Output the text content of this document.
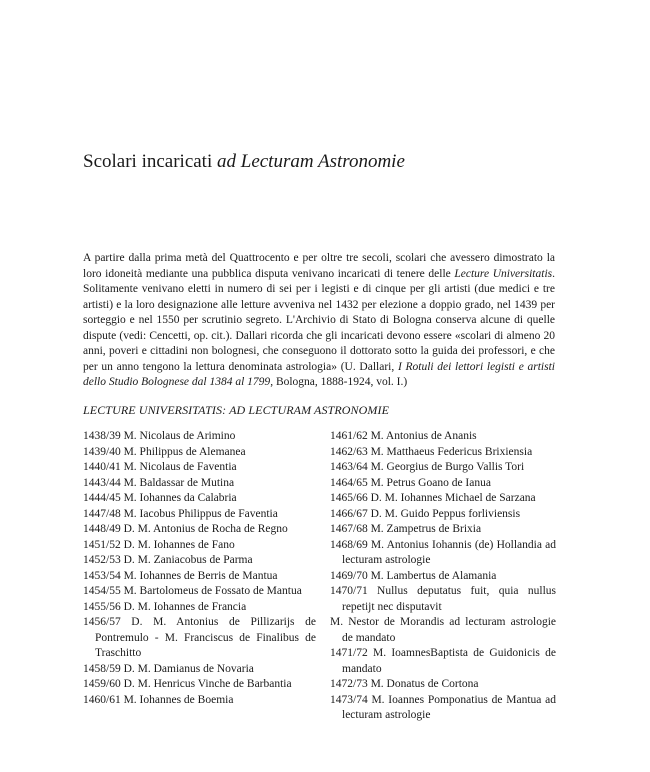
Scolari incaricati ad Lecturam Astronomie
A partire dalla prima metà del Quattrocento e per oltre tre secoli, scolari che avessero dimostrato la loro idoneità mediante una pubblica disputa venivano incaricati di tenere delle Lecture Universitatis. Solitamente venivano eletti in numero di sei per i legisti e di cinque per gli artisti (due medici e tre artisti) e la loro designazione alle letture avveniva nel 1432 per elezione a doppio grado, nel 1439 per sorteggio e nel 1550 per scrutinio segreto. L'Archivio di Stato di Bologna conserva alcune di quelle dispute (vedi: Cencetti, op. cit.). Dallari ricorda che gli incaricati devono essere «scolari di almeno 20 anni, poveri e cittadini non bolognesi, che conseguono il dottorato sotto la guida dei professori, e che per un anno tengono la lettura denominata astrologia» (U. Dallari, I Rotuli dei lettori legisti e artisti dello Studio Bolognese dal 1384 al 1799, Bologna, 1888-1924, vol. I.)
LECTURE UNIVERSITATIS: AD LECTURAM ASTRONOMIE
1438/39 M. Nicolaus de Arimino
1439/40 M. Philippus de Alemanea
1440/41 M. Nicolaus de Faventia
1443/44 M. Baldassar de Mutina
1444/45 M. Iohannes da Calabria
1447/48 M. Iacobus Philippus de Faventia
1448/49 D. M. Antonius de Rocha de Regno
1451/52 D. M. Iohannes de Fano
1452/53 D. M. Zaniacobus de Parma
1453/54 M. Iohannes de Berris de Mantua
1454/55 M. Bartolomeus de Fossato de Mantua
1455/56 D. M. Iohannes de Francia
1456/57 D. M. Antonius de Pillizarijs de Pontremulo - M. Franciscus de Finalibus de Traschitto
1458/59 D. M. Damianus de Novaria
1459/60 D. M. Henricus Vinche de Barbantia
1460/61 M. Iohannes de Boemia
1461/62 M. Antonius de Ananis
1462/63 M. Matthaeus Federicus Brixiensia
1463/64 M. Georgius de Burgo Vallis Tori
1464/65 M. Petrus Goano de Ianua
1465/66 D. M. Iohannes Michael de Sarzana
1466/67 D. M. Guido Peppus forliviensis
1467/68 M. Zampetrus de Brixia
1468/69 M. Antonius Iohannis (de) Hollandia ad lecturam astrologie
1469/70 M. Lambertus de Alamania
1470/71 Nullus deputatus fuit, quia nullus repetijt nec disputavit
M. Nestor de Morandis ad lecturam astrologie de mandato
1471/72 M. IoamnesBaptista de Guidonicis de mandato
1472/73 M. Donatus de Cortona
1473/74 M. Ioannes Pomponatius de Mantua ad lecturam astrologie
